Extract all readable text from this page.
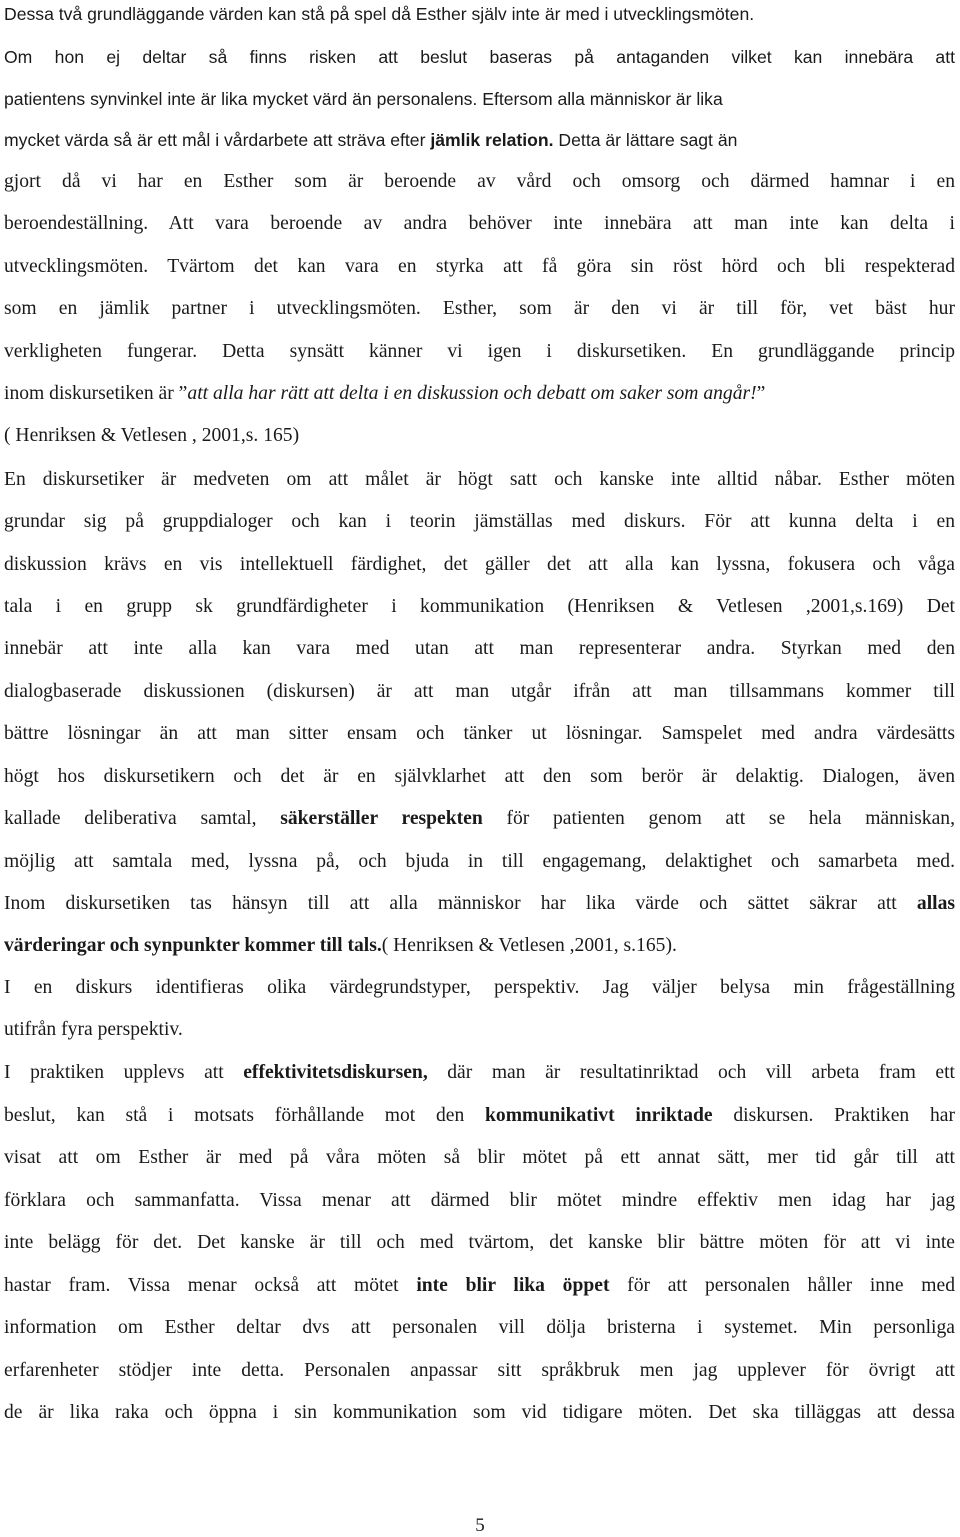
Dessa två grundläggande värden kan stå på spel då Esther själv inte är med i utvecklingsmöten.
Om hon ej deltar så finns risken att beslut baseras på antaganden vilket kan innebära att
patientens synvinkel inte är lika mycket värd än personalens. Eftersom alla människor är lika
mycket värda så är ett mål i vårdarbete att sträva efter jämlik relation. Detta är lättare sagt än
gjort då vi har en Esther som är beroende av vård och omsorg och därmed hamnar i en
beroendeställning. Att vara beroende av andra behöver inte innebära att man inte kan delta i
utvecklingsmöten. Tvärtom det kan vara en styrka att få göra sin röst hörd och bli respekterad
som en jämlik partner i utvecklingsmöten. Esther, som är den vi är till för, vet bäst hur
verkligheten fungerar. Detta synsätt känner vi igen i diskursetiken. En grundläggande princip
inom diskursetiken är ”att alla har rätt att delta i en diskussion och debatt om saker som angår!”
( Henriksen & Vetlesen , 2001,s. 165)
En diskursetiker är medveten om att målet är högt satt och kanske inte alltid nåbar. Esther möten
grundar sig på gruppdialoger och kan i teorin jämställas med diskurs. För att kunna delta i en
diskussion krävs en vis intellektuell färdighet, det gäller det att alla kan lyssna, fokusera och våga
tala i en grupp sk grundfärdigheter i kommunikation (Henriksen & Vetlesen ,2001,s.169) Det
innebär att inte alla kan vara med utan att man representerar andra. Styrkan med den
dialogbaserade diskussionen (diskursen) är att man utgår ifrån att man tillsammans kommer till
bättre lösningar än att man sitter ensam och tänker ut lösningar. Samspelet med andra värdesätts
högt hos diskursetikern och det är en självklarhet att den som berör är delaktig. Dialogen, även
kallade deliberativa samtal, säkerställer respekten för patienten genom att se hela människan,
möjlig att samtala med, lyssna på, och bjuda in till engagemang, delaktighet och samarbeta med.
Inom diskursetiken tas hänsyn till att alla människor har lika värde och sättet säkrar att allas
värderingar och synpunkter kommer till tals.( Henriksen & Vetlesen ,2001, s.165).
I en diskurs identifieras olika värdegrundstyper, perspektiv. Jag väljer belysa min frågeställning
utifrån fyra perspektiv.
I praktiken upplevs att effektivitetsdiskursen, där man är resultatinriktad och vill arbeta fram ett
beslut, kan stå i motsats förhållande mot den kommunikativt inriktade diskursen. Praktiken har
visat att om Esther är med på våra möten så blir mötet på ett annat sätt, mer tid går till att
förklara och sammanfatta. Vissa menar att därmed blir mötet mindre effektiv men idag har jag
inte belägg för det. Det kanske är till och med tvärtom, det kanske blir bättre möten för att vi inte
hastar fram. Vissa menar också att mötet inte blir lika öppet för att personalen håller inne med
information om Esther deltar dvs att personalen vill dölja bristerna i systemet. Min personliga
erfarenheter stödjer inte detta. Personalen anpassar sitt språkbruk men jag upplever för övrigt att
de är lika raka och öppna i sin kommunikation som vid tidigare möten. Det ska tilläggas att dessa
5
